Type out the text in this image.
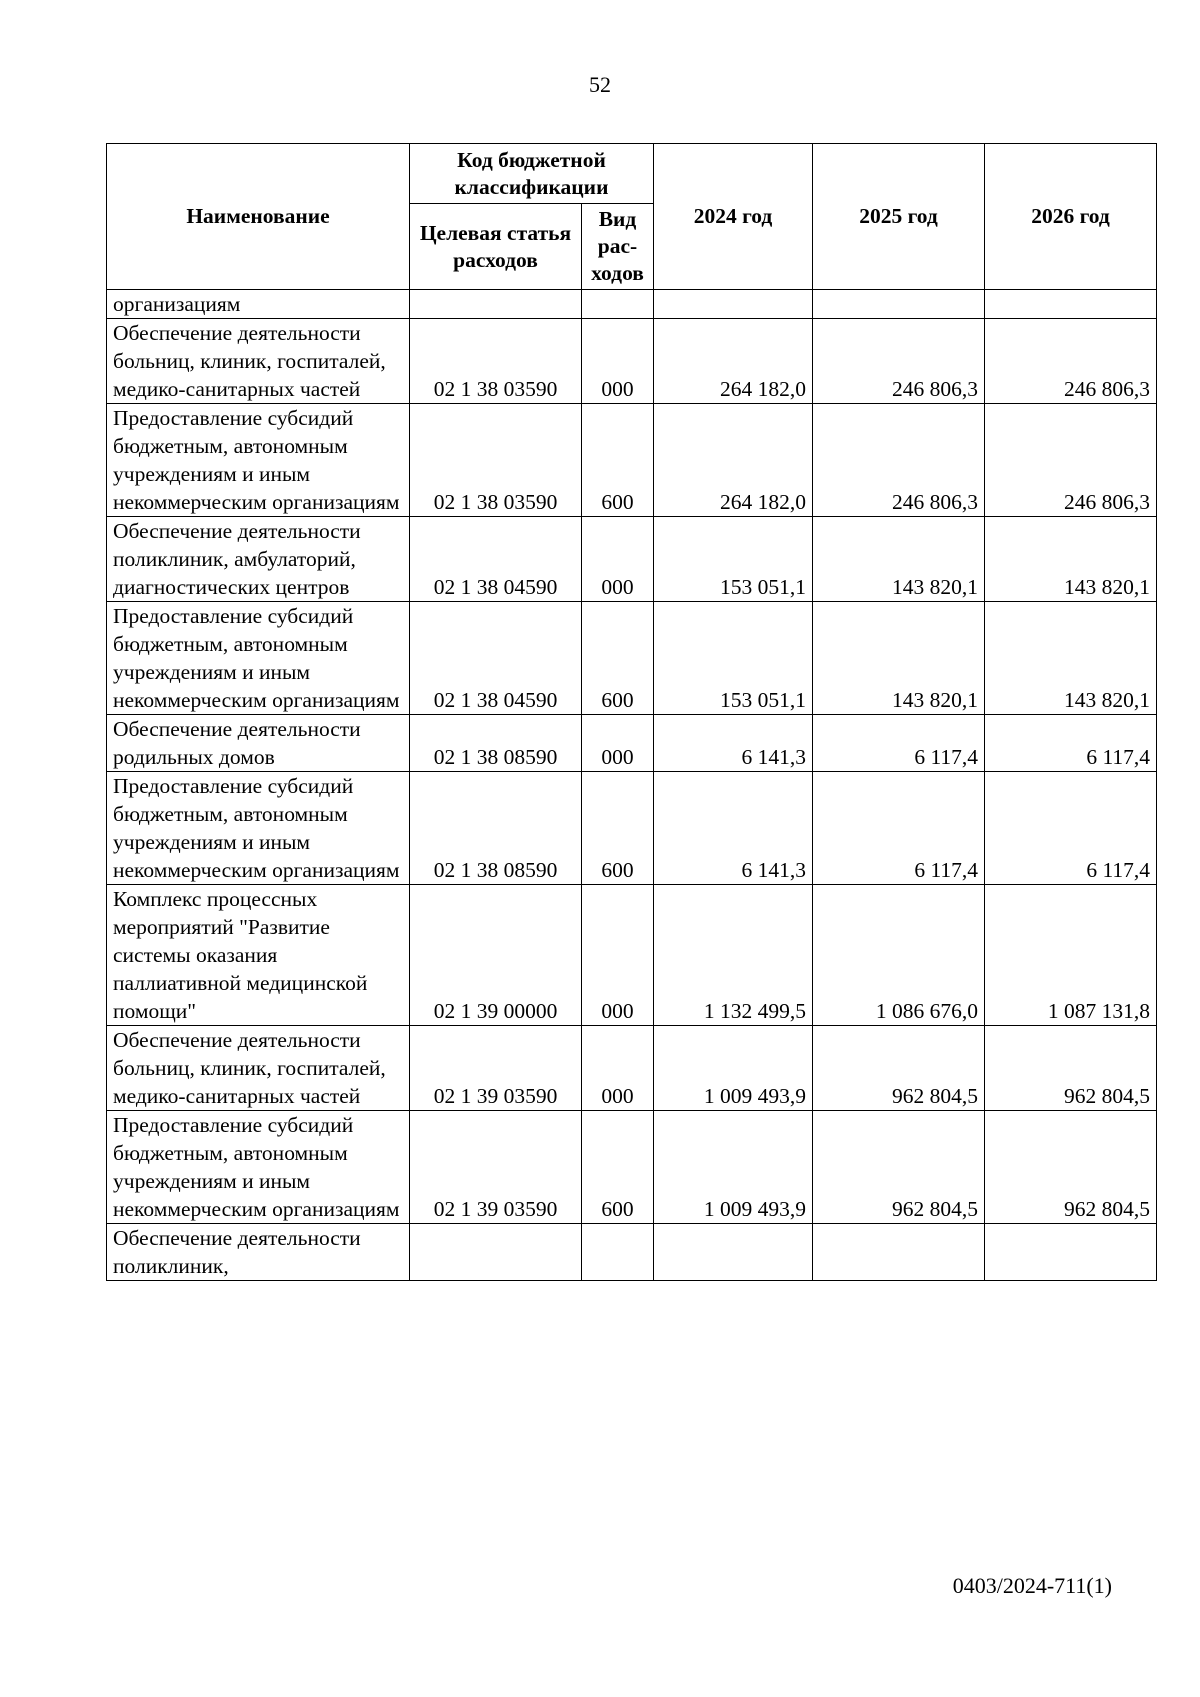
52
Наименование	Код бюджетной классификации		2024 год	2025 год	2026 год
	Целевая статья расходов	Вид рас-ходов			
организациям					
Обеспечение деятельности больниц, клиник, госпиталей, медико-санитарных частей	02 1 38 03590	000	264 182,0	246 806,3	246 806,3
Предоставление субсидий бюджетным, автономным учреждениям и иным некоммерческим организациям	02 1 38 03590	600	264 182,0	246 806,3	246 806,3
Обеспечение деятельности поликлиник, амбулаторий, диагностических центров	02 1 38 04590	000	153 051,1	143 820,1	143 820,1
Предоставление субсидий бюджетным, автономным учреждениям и иным некоммерческим организациям	02 1 38 04590	600	153 051,1	143 820,1	143 820,1
Обеспечение деятельности родильных домов	02 1 38 08590	000	6 141,3	6 117,4	6 117,4
Предоставление субсидий бюджетным, автономным учреждениям и иным некоммерческим организациям	02 1 38 08590	600	6 141,3	6 117,4	6 117,4
Комплекс процессных мероприятий "Развитие системы оказания паллиативной медицинской помощи"	02 1 39 00000	000	1 132 499,5	1 086 676,0	1 087 131,8
Обеспечение деятельности больниц, клиник, госпиталей, медико-санитарных частей	02 1 39 03590	000	1 009 493,9	962 804,5	962 804,5
Предоставление субсидий бюджетным, автономным учреждениям и иным некоммерческим организациям	02 1 39 03590	600	1 009 493,9	962 804,5	962 804,5
Обеспечение деятельности поликлиник,					
0403/2024-711(1)
